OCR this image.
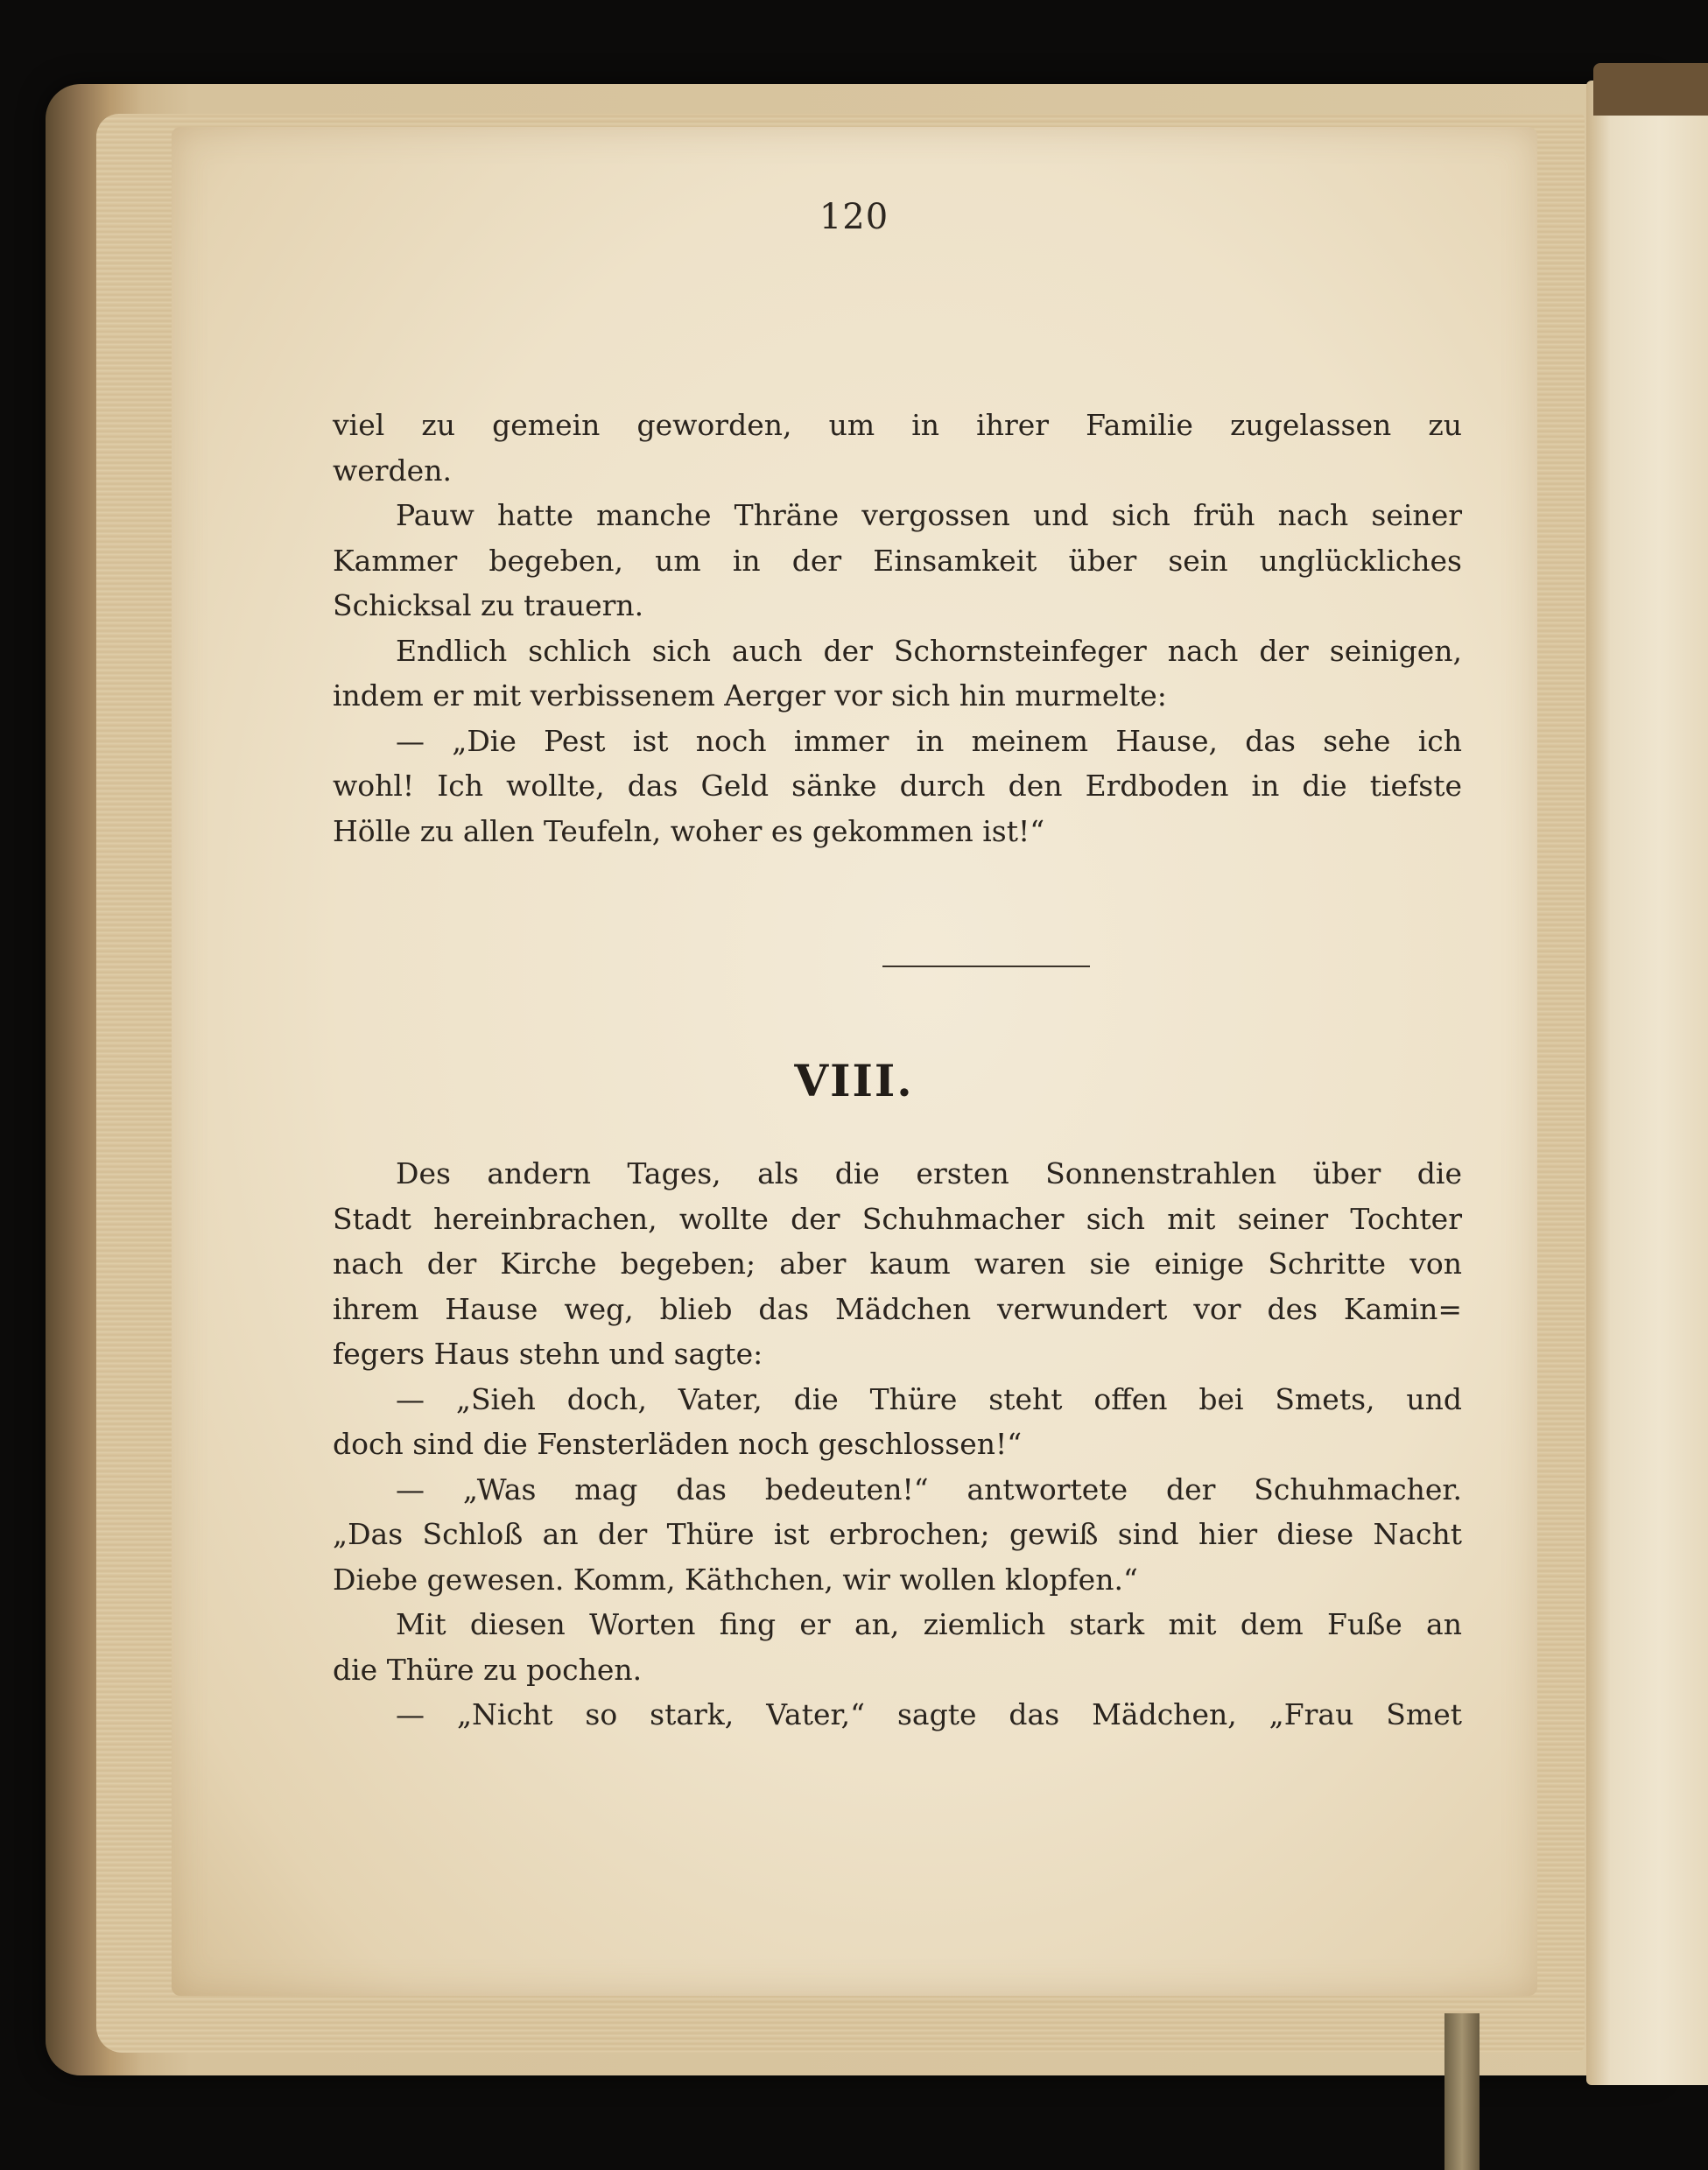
120
viel zu gemein geworden, um in ihrer Familie zugelassen zu
werden.
Pauw hatte manche Thräne vergossen und sich früh nach seiner
Kammer begeben, um in der Einsamkeit über sein unglückliches
Schicksal zu trauern.
Endlich schlich sich auch der Schornsteinfeger nach der seinigen,
indem er mit verbissenem Aerger vor sich hin murmelte:
— „Die Pest ist noch immer in meinem Hause, das sehe ich
wohl! Ich wollte, das Geld sänke durch den Erdboden in die tiefste
Hölle zu allen Teufeln, woher es gekommen ist!“
VIII.
Des andern Tages, als die ersten Sonnenstrahlen über die
Stadt hereinbrachen, wollte der Schuhmacher sich mit seiner Tochter
nach der Kirche begeben; aber kaum waren sie einige Schritte von
ihrem Hause weg, blieb das Mädchen verwundert vor des Kamin=
fegers Haus stehn und sagte:
— „Sieh doch, Vater, die Thüre steht offen bei Smets, und
doch sind die Fensterläden noch geschlossen!“
— „Was mag das bedeuten!“ antwortete der Schuhmacher.
„Das Schloß an der Thüre ist erbrochen; gewiß sind hier diese Nacht
Diebe gewesen. Komm, Käthchen, wir wollen klopfen.“
Mit diesen Worten fing er an, ziemlich stark mit dem Fuße an
die Thüre zu pochen.
— „Nicht so stark, Vater,“ sagte das Mädchen, „Frau Smet
